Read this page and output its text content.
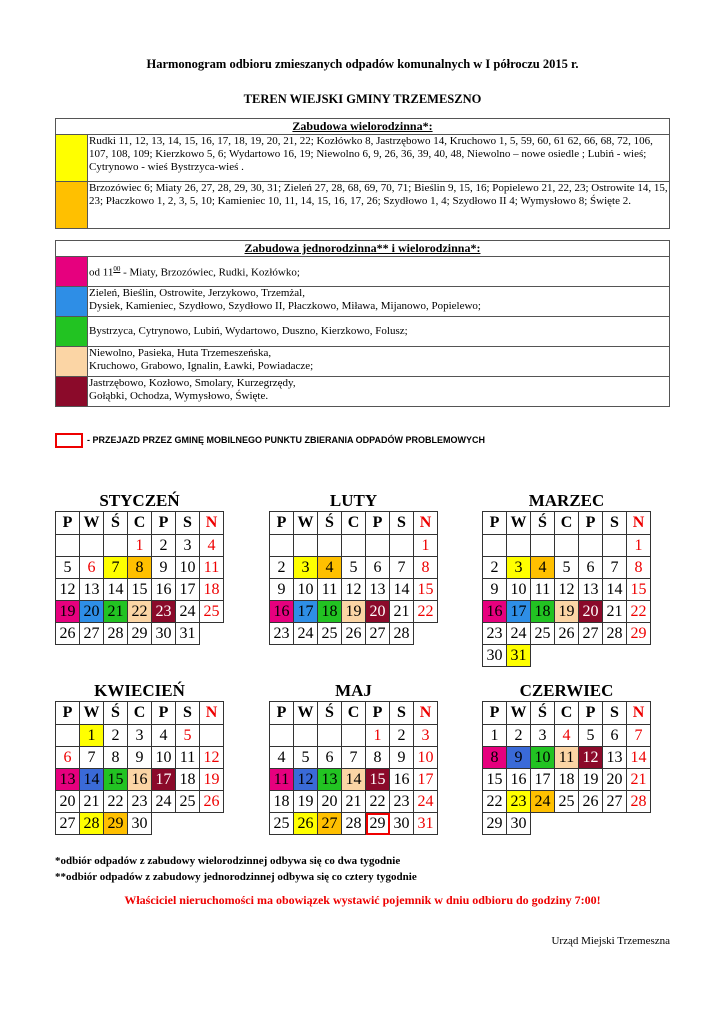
Harmonogram odbioru zmieszanych odpadów komunalnych w I półroczu 2015 r.
TEREN WIEJSKI GMINY TRZEMESZNO
Zabudowa wielorodzinna*:	
	Rudki 11, 12, 13, 14, 15, 16, 17, 18, 19, 20, 21, 22; Kozłówko 8, Jastrzębowo 14, Kruchowo 1, 5, 59, 60, 61 62, 66, 68, 72, 106, 107, 108, 109; Kierzkowo 5, 6; Wydartowo 16, 19; Niewolno 6, 9, 26, 36, 39, 40, 48, Niewolno – nowe osiedle ; Lubiń - wieś; Cytrynowo - wieś Bystrzyca-wieś .
	Brzozówiec 6; Miaty 26, 27, 28, 29, 30, 31; Zieleń 27, 28, 68, 69, 70, 71; Bieślin 9, 15, 16; Popielewo 21, 22, 23; Ostrowite 14, 15, 23; Płaczkowo 1, 2, 3, 5, 10; Kamieniec 10, 11, 14, 15, 16, 17, 26; Szydłowo 1, 4; Szydłowo II 4; Wymysłowo 8; Święte 2.
Zabudowa jednorodzinna** i wielorodzinna*:	
	od $11^{00}$ - Miaty, Brzozówiec, Rudki, Kozłówko;

	Zieleń, Bieślin, Ostrowite, Jerzykowo, Trzemżal,
Dysiek, Kamieniec, Szydłowo, Szydłowo II, Płaczkowo, Miława, Mijanowo, Popielewo;

	Bystrzyca, Cytrynowo, Lubiń, Wydartowo, Duszno, Kierzkowo, Folusz;

	Niewolno, Pasieka, Huta Trzemeszeńska,
Kruchowo, Grabowo, Ignalin, Ławki, Powiadacze;

	Jastrzębowo, Kozłowo, Smolary, Kurzegrzędy,
Gołąbki, Ochodza, Wymysłowo, Święte.
- PRZEJAZD PRZEZ GMINĘ MOBILNEGO PUNKTU ZBIERANIA ODPADÓW PROBLEMOWYCH
STYCZEŃ
P	W	Ś	C	P	S	N
			1	2	3	4
5	6	7	8	9	10	11
12	13	14	15	16	17	18
19	20	21	22	23	24	25
26	27	28	29	30	31	
LUTY
P	W	Ś	C	P	S	N
						1
2	3	4	5	6	7	8
9	10	11	12	13	14	15
16	17	18	19	20	21	22
23	24	25	26	27	28	
MARZEC
P	W	Ś	C	P	S	N
						1
2	3	4	5	6	7	8
9	10	11	12	13	14	15
16	17	18	19	20	21	22
23	24	25	26	27	28	29
30	31					
KWIECIEŃ
P	W	Ś	C	P	S	N
	1	2	3	4	5	
6	7	8	9	10	11	12
13	14	15	16	17	18	19
20	21	22	23	24	25	26
27	28	29	30			
MAJ
P	W	Ś	C	P	S	N
				1	2	3
4	5	6	7	8	9	10
11	12	13	14	15	16	17
18	19	20	21	22	23	24
25	26	27	28	29	30	31
CZERWIEC
P	W	Ś	C	P	S	N
1	2	3	4	5	6	7
8	9	10	11	12	13	14
15	16	17	18	19	20	21
22	23	24	25	26	27	28
29	30					
*odbiór odpadów z zabudowy wielorodzinnej odbywa się co dwa tygodnie
**odbiór odpadów z zabudowy jednorodzinnej odbywa się co cztery tygodnie
Właściciel nieruchomości ma obowiązek wystawić pojemnik w dniu odbioru do godziny 7:00!
Urząd Miejski Trzemeszna
